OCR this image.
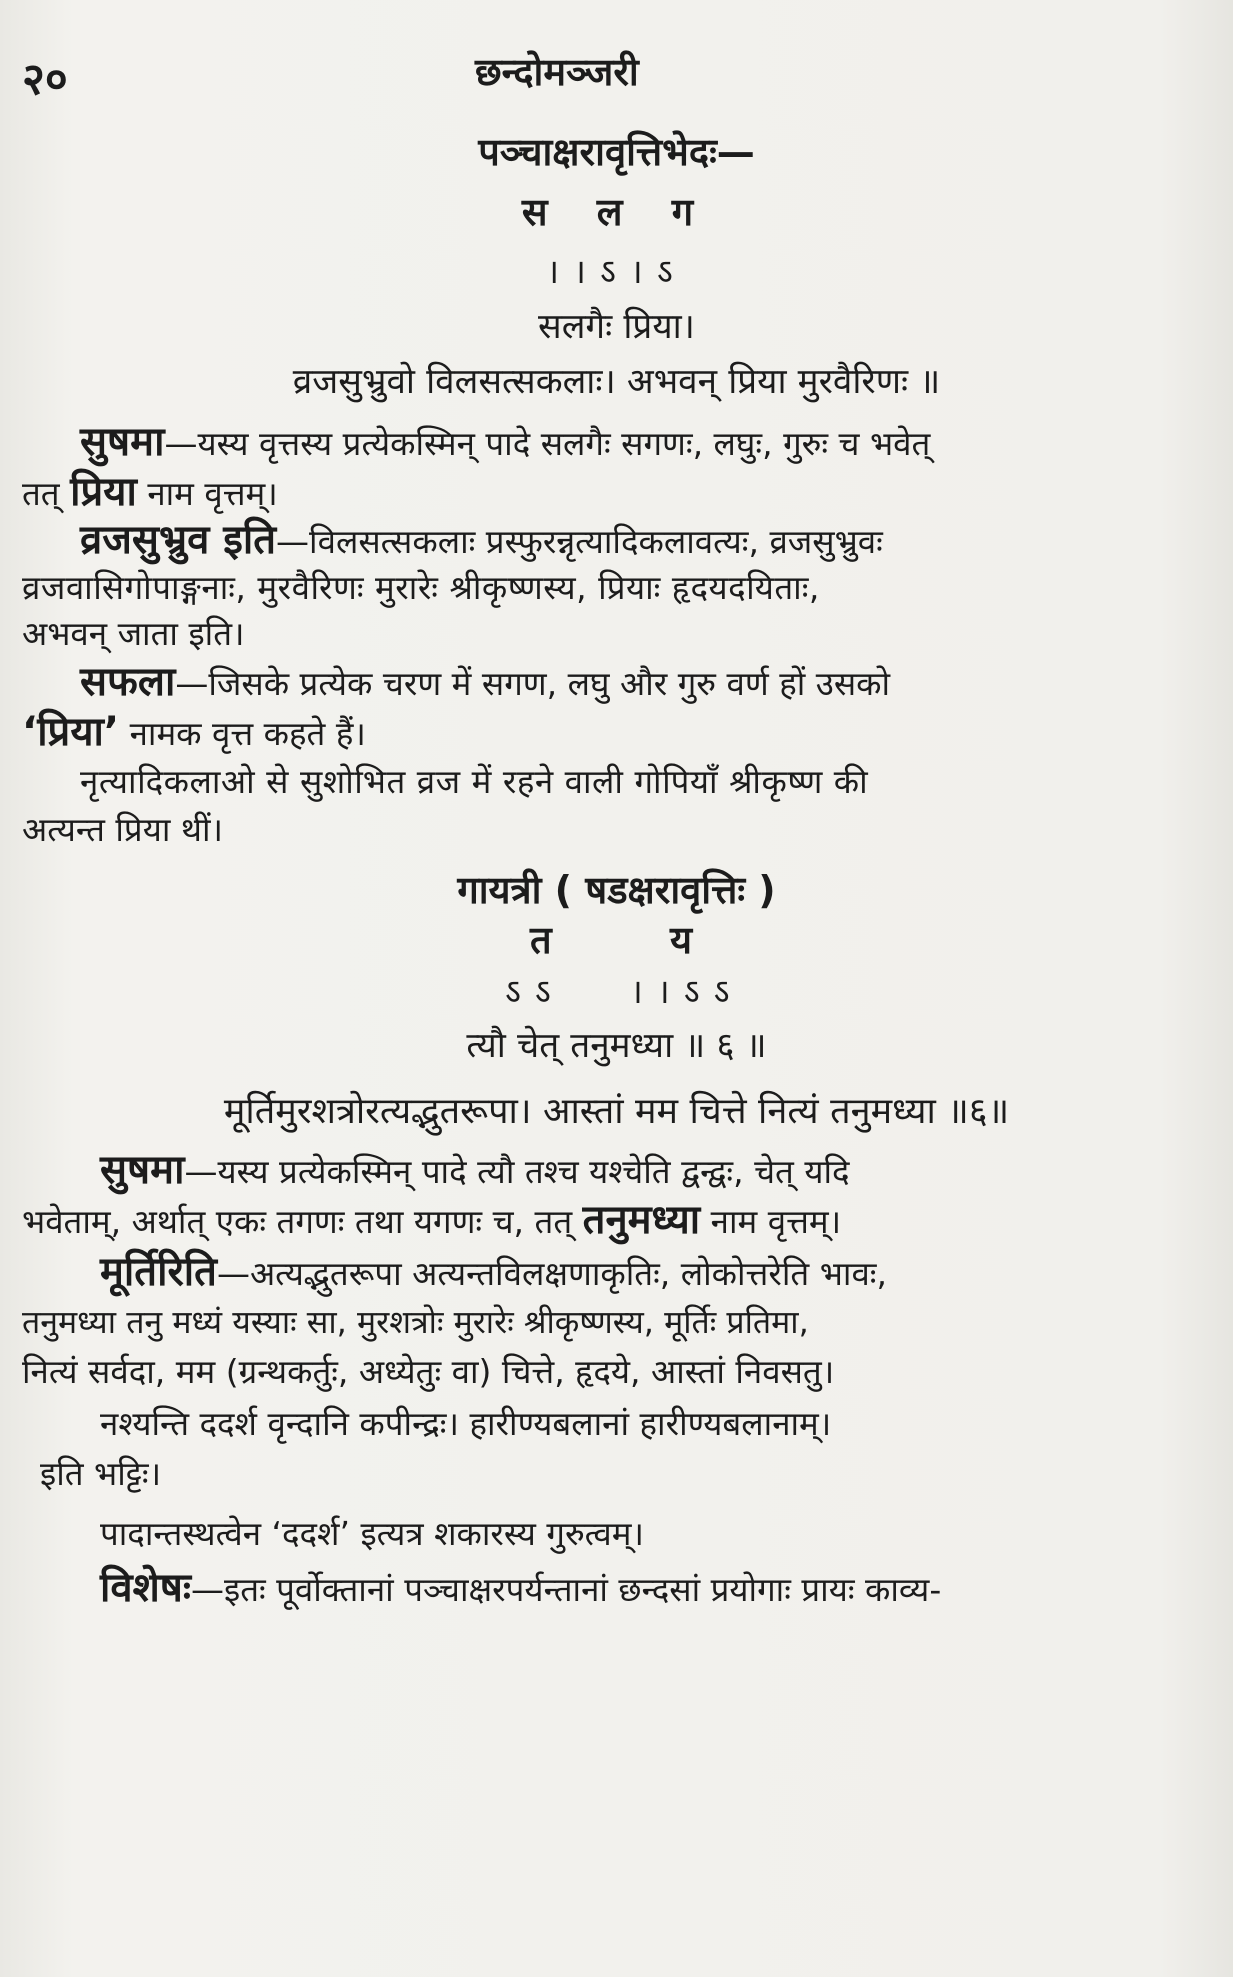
२०	छन्दोमञ्जरी
पञ्चाक्षरावृत्तिभेदः—
स ल ग
।।ऽ।ऽ
सलगैः प्रिया।
व्रजसुभ्रुवो विलसत्सकलाः। अभवन् प्रिया मुरवैरिणः ॥
सुषमा—यस्य वृत्तस्य प्रत्येकस्मिन् पादे सलगैः सगणः, लघुः, गुरुः च भवेत्
तत् प्रिया नाम वृत्तम्।
व्रजसुभ्रुव इति—विलसत्सकलाः प्रस्फुरन्नृत्यादिकलावत्यः, व्रजसुभ्रुवः
व्रजवासिगोपाङ्गनाः, मुरवैरिणः मुरारेः श्रीकृष्णस्य, प्रियाः हृदयदयिताः,
अभवन् जाता इति।
सफला—जिसके प्रत्येक चरण में सगण, लघु और गुरु वर्ण हों उसको
‘प्रिया’ नामक वृत्त कहते हैं।
नृत्यादिकलाओ से सुशोभित व्रज में रहने वाली गोपियाँ श्रीकृष्ण की
अत्यन्त प्रिया थीं।
गायत्री ( षडक्षरावृत्तिः )
त	य
ऽऽ ।।ऽऽ
त्यौ चेत् तनुमध्या ॥ ६ ॥
मूर्तिमुरशत्रोरत्यद्भुतरूपा। आस्तां मम चित्ते नित्यं तनुमध्या ॥६॥
सुषमा—यस्य प्रत्येकस्मिन् पादे त्यौ तश्च यश्चेति द्वन्द्वः, चेत् यदि
भवेताम्, अर्थात् एकः तगणः तथा यगणः च, तत् तनुमध्या नाम वृत्तम्।
मूर्तिरिति—अत्यद्भुतरूपा अत्यन्तविलक्षणाकृतिः, लोकोत्तरेति भावः,
तनुमध्या तनु मध्यं यस्याः सा, मुरशत्रोः मुरारेः श्रीकृष्णस्य, मूर्तिः प्रतिमा,
नित्यं सर्वदा, मम (ग्रन्थकर्तुः, अध्येतुः वा) चित्ते, हृदये, आस्तां निवसतु।
नश्यन्ति ददर्श वृन्दानि कपीन्द्रः। हारीण्यबलानां हारीण्यबलानाम्।
इति भट्टिः।
पादान्तस्थत्वेन ‘ददर्श’ इत्यत्र शकारस्य गुरुत्वम्।
विशेषः—इतः पूर्वोक्तानां पञ्चाक्षरपर्यन्तानां छन्दसां प्रयोगाः प्रायः काव्य-
